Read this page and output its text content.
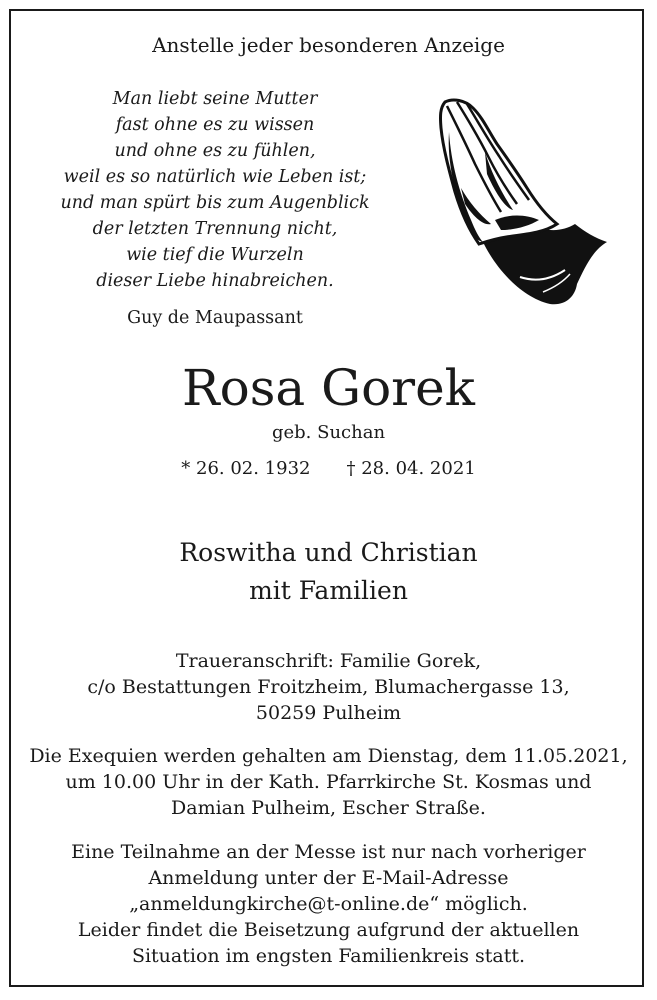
Anstelle jeder besonderen Anzeige
Man liebt seine Mutter
fast ohne es zu wissen
und ohne es zu fühlen,
weil es so natürlich wie Leben ist;
und man spürt bis zum Augenblick
der letzten Trennung nicht,
wie tief die Wurzeln
dieser Liebe hinabreichen.
Guy de Maupassant
Rosa Gorek
geb. Suchan
* 26. 02. 1932 † 28. 04. 2021
Roswitha und Christian
mit Familien
Traueranschrift: Familie Gorek,
c/o Bestattungen Froitzheim, Blumachergasse 13,
50259 Pulheim
Die Exequien werden gehalten am Dienstag, dem 11.05.2021,
um 10.00 Uhr in der Kath. Pfarrkirche St. Kosmas und
Damian Pulheim, Escher Straße.
Eine Teilnahme an der Messe ist nur nach vorheriger
Anmeldung unter der E-Mail-Adresse
„anmeldungkirche@t-online.de“ möglich.
Leider findet die Beisetzung aufgrund der aktuellen
Situation im engsten Familienkreis statt.
